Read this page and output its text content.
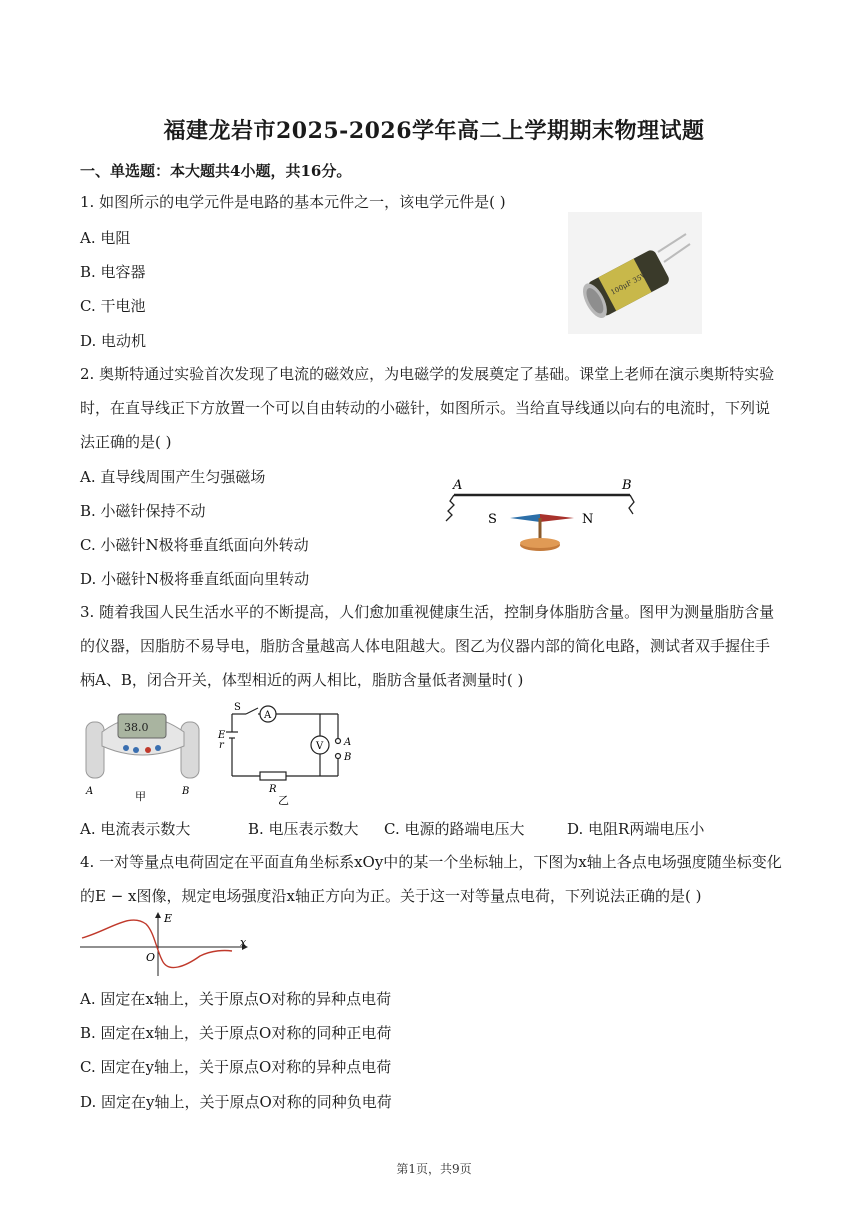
福建龙岩市2025-2026学年高二上学期期末物理试题
一、单选题：本大题共4小题，共16分。
1. 如图所示的电学元件是电路的基本元件之一，该电学元件是( )
A. 电阻
B. 电容器
C. 干电池
D. 电动机
100μF 35V
2. 奥斯特通过实验首次发现了电流的磁效应，为电磁学的发展奠定了基础。课堂上老师在演示奥斯特实验
时，在直导线正下方放置一个可以自由转动的小磁针，如图所示。当给直导线通以向右的电流时，下列说
法正确的是( )
A. 直导线周围产生匀强磁场
B. 小磁针保持不动
C. 小磁针N极将垂直纸面向外转动
D. 小磁针N极将垂直纸面向里转动
A	B
S	N
3. 随着我国人民生活水平的不断提高，人们愈加重视健康生活，控制身体脂肪含量。图甲为测量脂肪含量
的仪器，因脂肪不易导电，脂肪含量越高人体电阻越大。图乙为仪器内部的简化电路，测试者双手握住手
柄A、B，闭合开关，体型相近的两人相比，脂肪含量低者测量时( )
38.0
A	B
甲
S
A
V
E
r
R
A
B
乙
A. 电流表示数大	B. 电压表示数大 C. 电源的路端电压大	D. 电阻R两端电压小
4. 一对等量点电荷固定在平面直角坐标系xOy中的某一个坐标轴上，下图为x轴上各点电场强度随坐标变化
的E − x图像，规定电场强度沿x轴正方向为正。关于这一对等量点电荷，下列说法正确的是( )
E
x
O
A. 固定在x轴上，关于原点O对称的异种点电荷
B. 固定在x轴上，关于原点O对称的同种正电荷
C. 固定在y轴上，关于原点O对称的异种点电荷
D. 固定在y轴上，关于原点O对称的同种负电荷
第1页，共9页
